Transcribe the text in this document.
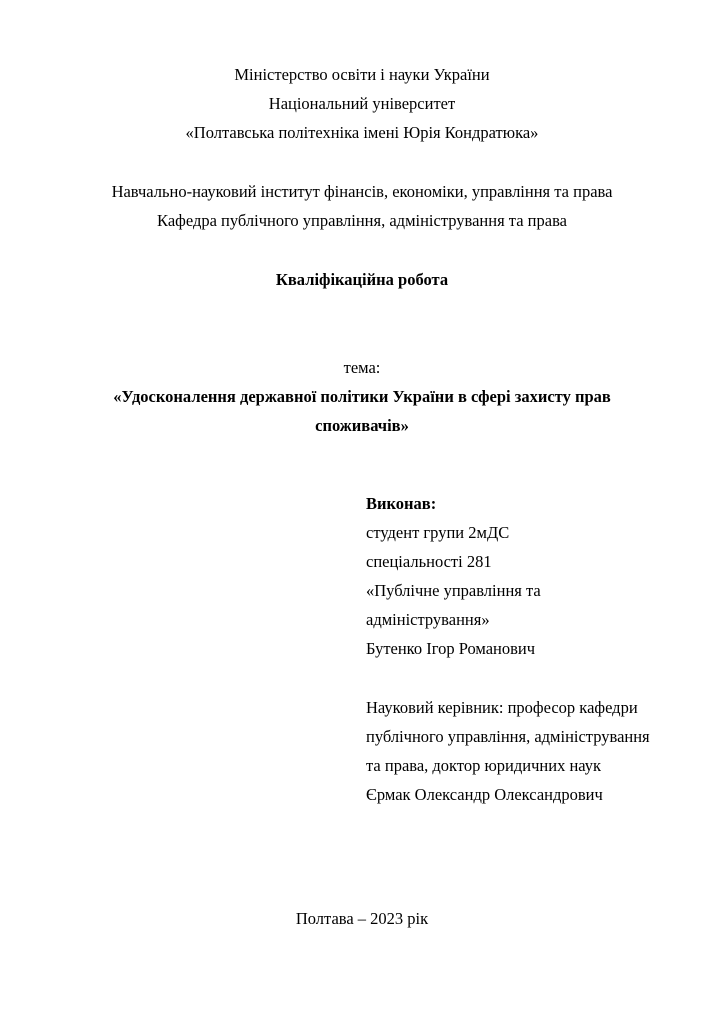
Міністерство освіти і науки України
Національний університет
«Полтавська політехніка імені Юрія Кондратюка»
Навчально-науковий інститут фінансів, економіки, управління та права
Кафедра публічного управління, адміністрування та права
Кваліфікаційна робота
тема:
«Удосконалення державної політики України в сфері захисту прав
споживачів»
Виконав:
студент групи 2мДС
спеціальності 281
«Публічне управління та  адміністрування»
Бутенко Ігор Романович
Науковий керівник: професор кафедри
публічного управління, адміністрування
та права, доктор юридичних наук
Єрмак Олександр Олександрович
Полтава – 2023 рік
